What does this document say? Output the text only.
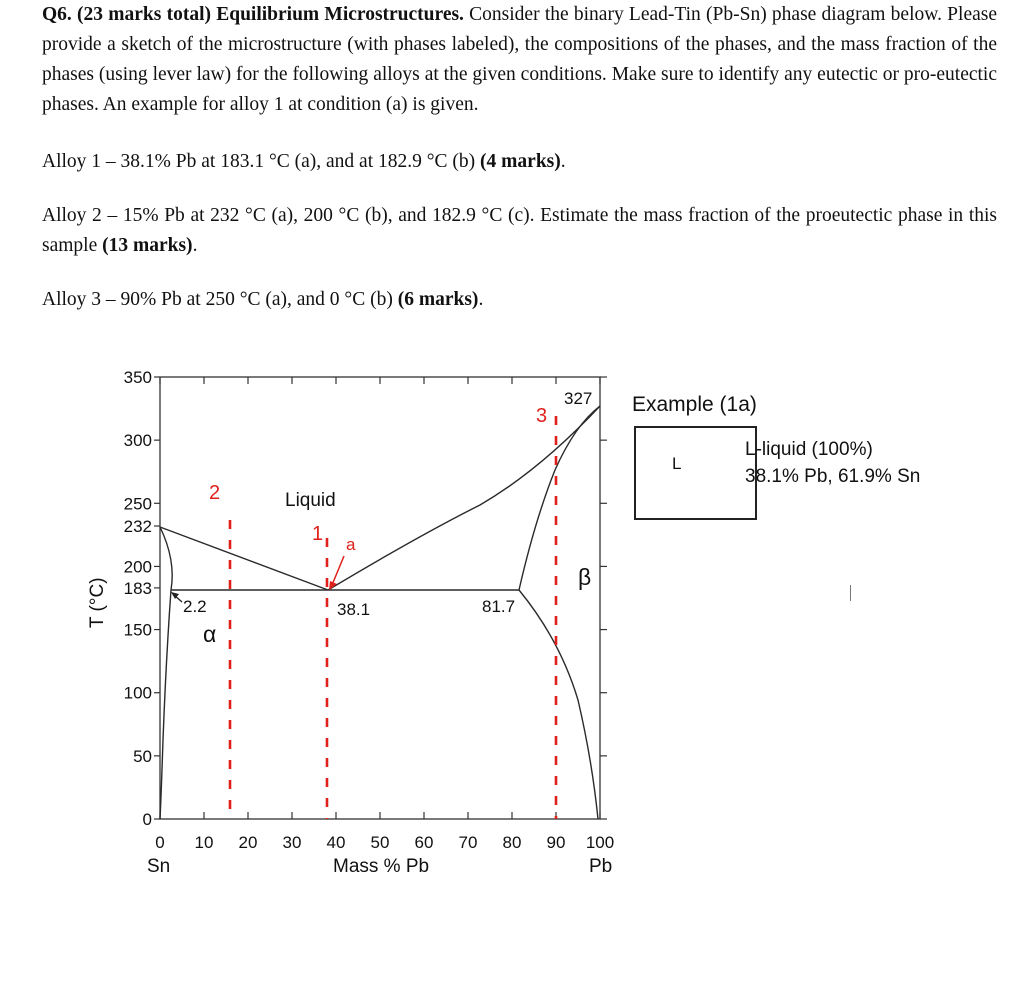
Q6. (23 marks total) Equilibrium Microstructures. Consider the binary Lead-Tin (Pb-Sn) phase diagram below. Please provide a sketch of the microstructure (with phases labeled), the compositions of the phases, and the mass fraction of the phases (using lever law) for the following alloys at the given conditions. Make sure to identify any eutectic or pro-eutectic phases. An example for alloy 1 at condition (a) is given.

Alloy 1 – 38.1% Pb at 183.1 °C (a), and at 182.9 °C (b) (4 marks).

Alloy 2 – 15% Pb at 232 °C (a), 200 °C (b), and 182.9 °C (c). Estimate the mass fraction of the proeutectic phase in this sample (13 marks).

Alloy 3 – 90% Pb at 250 °C (a), and 0 °C (b) (6 marks).

0 10 20 30 40 50 60 70 80 90 100
350
300
250
232
200
183
150
100
50
0
Liquid
α
β
2.2	38.1	81.7
327
2
1
3
a
Mass % Pb
Sn	Pb
T (°C)
Example (1a)
L
L-liquid (100%)
38.1% Pb, 61.9% Sn
